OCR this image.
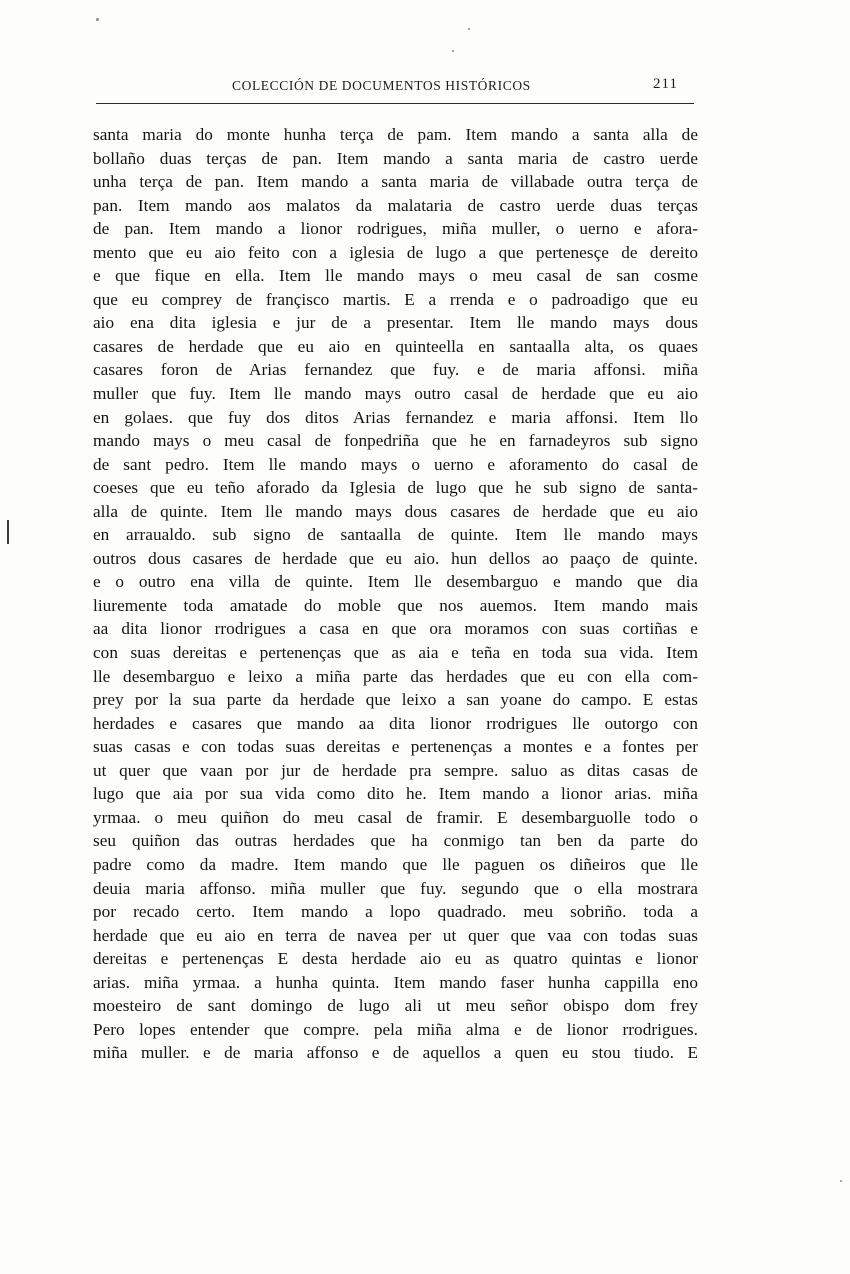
COLECCIÓN DE DOCUMENTOS HISTÓRICOS	211
santa maria do monte hunha terça de pam. Item mando a santa alla de
bollaño duas terças de pan. Item mando a santa maria de castro uerde
unha terça de pan. Item mando a santa maria de villabade outra terça de
pan. Item mando aos malatos da malataria de castro uerde duas terças
de pan. Item mando a lionor rodrigues, miña muller, o uerno e afora-
mento que eu aio feito con a iglesia de lugo a que pertenesçe de dereito
e que fique en ella. Item lle mando mays o meu casal de san cosme
que eu comprey de françisco martis. E a rrenda e o padroadigo que eu
aio ena dita iglesia e jur de a presentar. Item lle mando mays dous
casares de herdade que eu aio en quinteella en santaalla alta, os quaes
casares foron de Arias fernandez que fuy. e de maria affonsi. miña
muller que fuy. Item lle mando mays outro casal de herdade que eu aio
en golaes. que fuy dos ditos Arias fernandez e maria affonsi. Item llo
mando mays o meu casal de fonpedriña que he en farnadeyros sub signo
de sant pedro. Item lle mando mays o uerno e aforamento do casal de
coeses que eu teño aforado da Iglesia de lugo que he sub signo de santa-
alla de quinte. Item lle mando mays dous casares de herdade que eu aio
en arraualdo. sub signo de santaalla de quinte. Item lle mando mays
outros dous casares de herdade que eu aio. hun dellos ao paaço de quinte.
e o outro ena villa de quinte. Item lle desembarguo e mando que dia
liuremente toda amatade do moble que nos auemos. Item mando mais
aa dita lionor rrodrigues a casa en que ora moramos con suas cortiñas e
con suas dereitas e pertenenças que as aia e teña en toda sua vida. Item
lle desembarguo e leixo a miña parte das herdades que eu con ella com-
prey por la sua parte da herdade que leixo a san yoane do campo. E estas
herdades e casares que mando aa dita lionor rrodrigues lle outorgo con
suas casas e con todas suas dereitas e pertenenças a montes e a fontes per
ut quer que vaan por jur de herdade pra sempre. saluo as ditas casas de
lugo que aia por sua vida como dito he. Item mando a lionor arias. miña
yrmaa. o meu quiñon do meu casal de framir. E desembarguolle todo o
seu quiñon das outras herdades que ha conmigo tan ben da parte do
padre como da madre. Item mando que lle paguen os diñeiros que lle
deuia maria affonso. miña muller que fuy. segundo que o ella mostrara
por recado certo. Item mando a lopo quadrado. meu sobriño. toda a
herdade que eu aio en terra de navea per ut quer que vaa con todas suas
dereitas e pertenenças E desta herdade aio eu as quatro quintas e lionor
arias. miña yrmaa. a hunha quinta. Item mando faser hunha cappilla eno
moesteiro de sant domingo de lugo ali ut meu señor obispo dom frey
Pero lopes entender que compre. pela miña alma e de lionor rrodrigues.
miña muller. e de maria affonso e de aquellos a quen eu stou tiudo. E
